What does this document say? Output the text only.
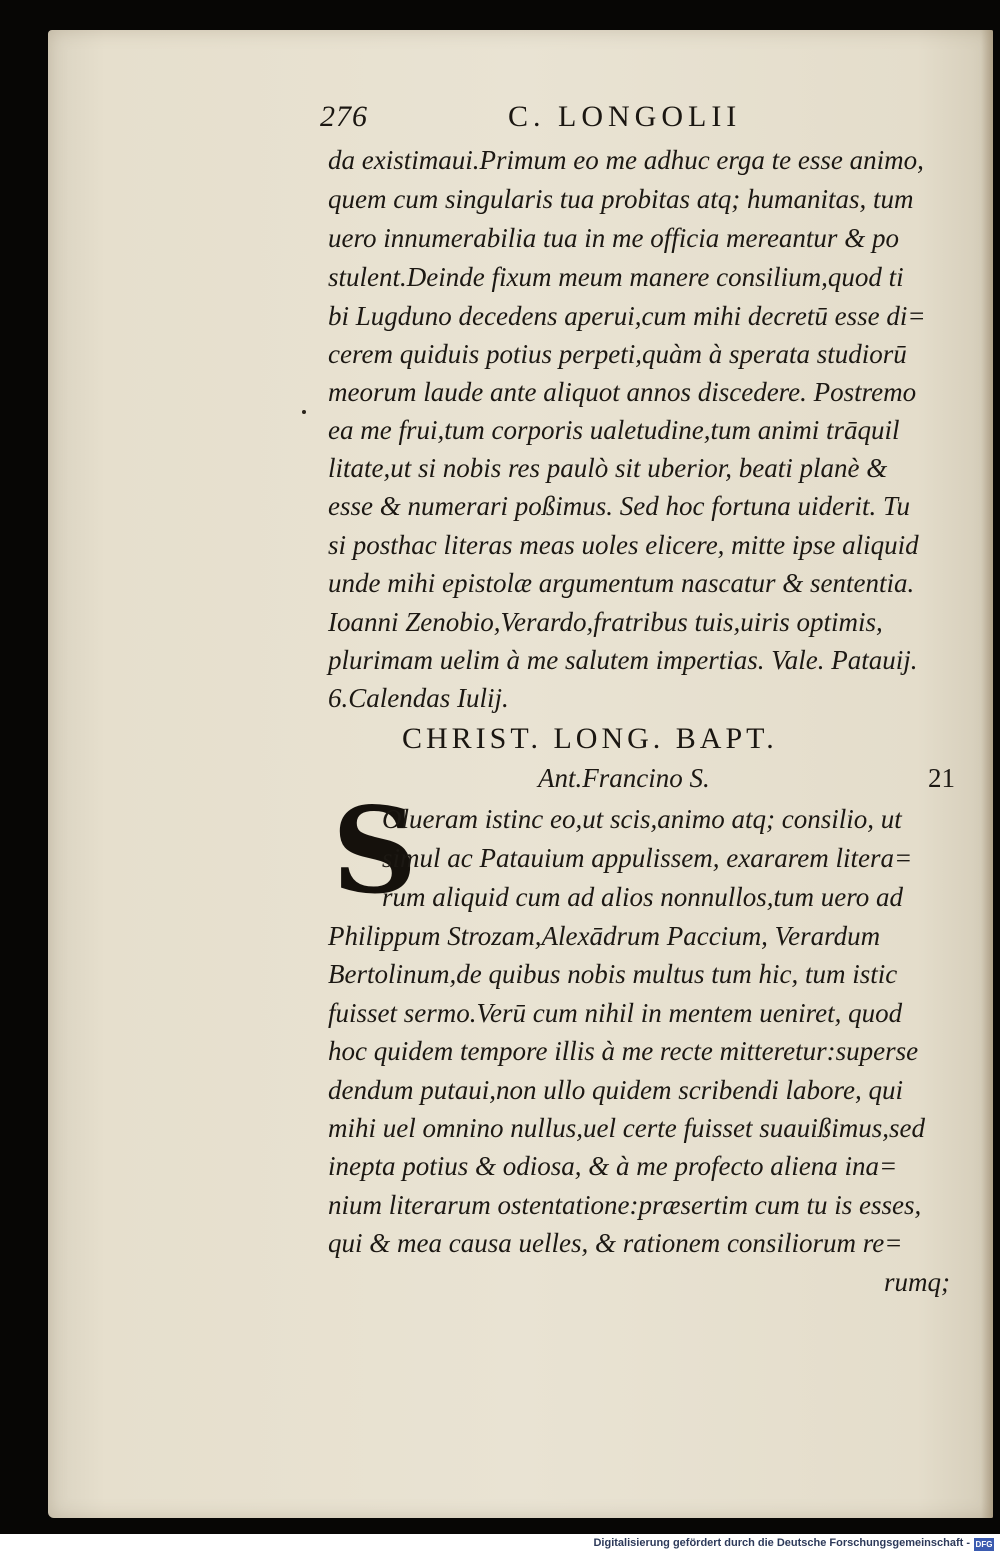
276	C. LONGOLII
da existimaui.Primum eo me adhuc erga te esse animo,
quem cum singularis tua probitas atq; humanitas, tum
uero innumerabilia tua in me officia mereantur & po
stulent.Deinde fixum meum manere consilium,quod ti
bi Lugduno decedens aperui,cum mihi decretū esse di=
cerem quiduis potius perpeti,quàm à sperata studiorū
meorum laude ante aliquot annos discedere. Postremo
ea me frui,tum corporis ualetudine,tum animi trāquil
litate,ut si nobis res paulò sit uberior, beati planè &
esse & numerari poßimus. Sed hoc fortuna uiderit. Tu
si posthac literas meas uoles elicere, mitte ipse aliquid
unde mihi epistolæ argumentum nascatur & sententia.
Ioanni Zenobio,Verardo,fratribus tuis,uiris optimis,
plurimam uelim à me salutem impertias. Vale. Patauij.
6.Calendas Iulij.
CHRIST. LONG. BAPT.
Ant.Francino S.	21
S
Olueram istinc eo,ut scis,animo atq; consilio, ut
simul ac Patauium appulissem, exararem litera=
rum aliquid cum ad alios nonnullos,tum uero ad
Philippum Strozam,Alexādrum Paccium, Verardum
Bertolinum,de quibus nobis multus tum hic, tum istic
fuisset sermo.Verū cum nihil in mentem ueniret, quod
hoc quidem tempore illis à me recte mitteretur:superse
dendum putaui,non ullo quidem scribendi labore, qui
mihi uel omnino nullus,uel certe fuisset suauißimus,sed
inepta potius & odiosa, & à me profecto aliena ina=
nium literarum ostentatione:præsertim cum tu is esses,
qui & mea causa uelles, & rationem consiliorum re=
rumq;
Digitalisierung gefördert durch die Deutsche Forschungsgemeinschaft - DFG
